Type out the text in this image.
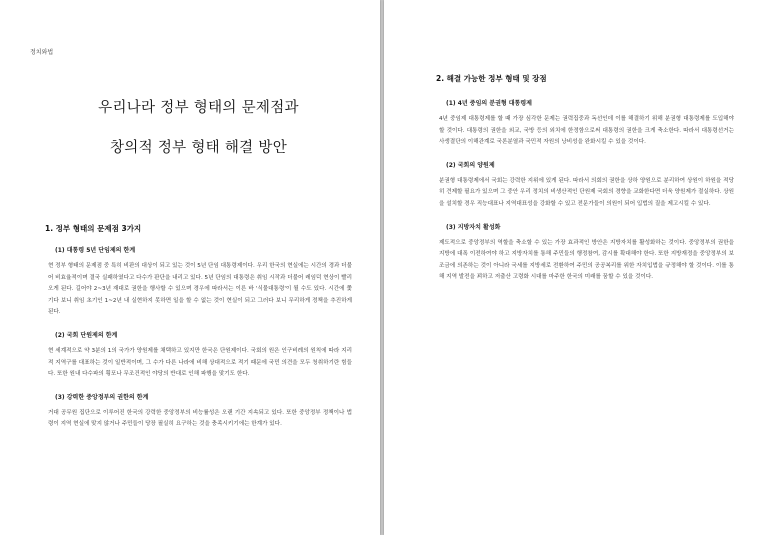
정치와법
우리나라 정부 형태의 문제점과
창의적 정부 형태 해결 방안
1. 정부 형태의 문제점 3가지
(1) 대통령 5년 단임제의 한계
현 정부 형태의 문제점 중 특히 비판의 대상이 되고 있는 것이 5년 단임 대통령제이다. 우리 한국의 현실에는 시간의 경과 더불어 비효율적이며 결국 실패하였다고 다수가 판단을 내리고 있다. 5년 단임의 대통령은 취임 시작과 더불어 레임덕 현상이 빨리 오게 된다. 길어야 2~3년 재대로 권한을 행사할 수 있으며 경우에 따라서는 이른 바 '식물대통령'이 될 수도 있다. 시간에 쫓기다 보니 취임 초기인 1~2년 내 실현하지 못하면 일을 할 수 없는 것이 현실이 되고 그러다 보니 무리하게 정책을 추진하게 된다.
(2) 국회 단원제의 한계
현 세계적으로 약 3분의 1의 국가가 양원제를 채택하고 있지만 한국은 단원제이다. 국회의 원은 인구비례의 원칙에 따라 지리적 지역구를 대표하는 것이 일반적이며, 그 수가 다른 나라에 비해 상대적으로 적기 때문에 국민 의견을 모두 청취하기란 힘들다. 또한 원내 다수파의 횡포나 무조건적인 야당의 반대로 인해 파행을 맞기도 한다.
(3) 강력한 중앙정부의 권한의 한계
거대 공무원 집단으로 이루어진 한국의 강력한 중앙정부의 비능률성은 오랜 기간 지속되고 있다. 또한 중앙정부 정책이나 법령이 지역 현실에 맞지 않거나 주민들이 당장 필실히 요구하는 것을 충족시키기에는 한계가 있다.
2. 해결 가능한 정부 형태 및 장점
(1) 4년 중임의 분권형 대통령제
4년 중임제 대통령제를 할 때 가장 심각한 문제는 권력집중과 독선인데 이를 해결하기 위해 분권형 대통령제를 도입해야 할 것이다. 대통령의 권한을 외교, 국방 등의 외치에 한정함으로써 대통령의 권한을 크게 축소한다. 따라서 대통령선거는 사생결단의 이해관계로 국론분열과 국민적 자원의 낭비성을 완화시킬 수 있을 것이다.
(2) 국회의 양원제
분권형 대통령제에서 국회는 강력한 지위에 있게 된다. 따라서 의회의 권한을 상하 양원으로 분리하여 상원이 하원을 적당히 견제할 필요가 있으며 그 중안 우리 정치의 비생산적인 단원제 국회의 경향을 교화한다면 더욱 양원제가 절실하다. 상원을 설치할 경우 직능대표나 지역대표성을 강화할 수 있고 전문가들이 의원이 되어 입법의 질을 제고시킬 수 있다.
(3) 지방자치 활성화
제도적으로 중앙정부의 역할을 축소할 수 있는 가장 효과적인 방안은 지방자치를 활성화하는 것이다. 중앙정부의 권한을 지방에 대폭 이전하여야 하고 지방자치를 통해 주민들의 행정참여, 감시를 확대해야 한다. 또한 지방재정을 중앙정부의 보조금에 의존하는 것이 아니라 국세를 지방세로 전환하여 주민의 공공복리를 위한 자치입법을 규정해야 할 것이다. 이를 통해 지역 발전을 꾀하고 저출산 고령화 시대를 마주한 한국의 미래를 꿈할 수 있을 것이다.
